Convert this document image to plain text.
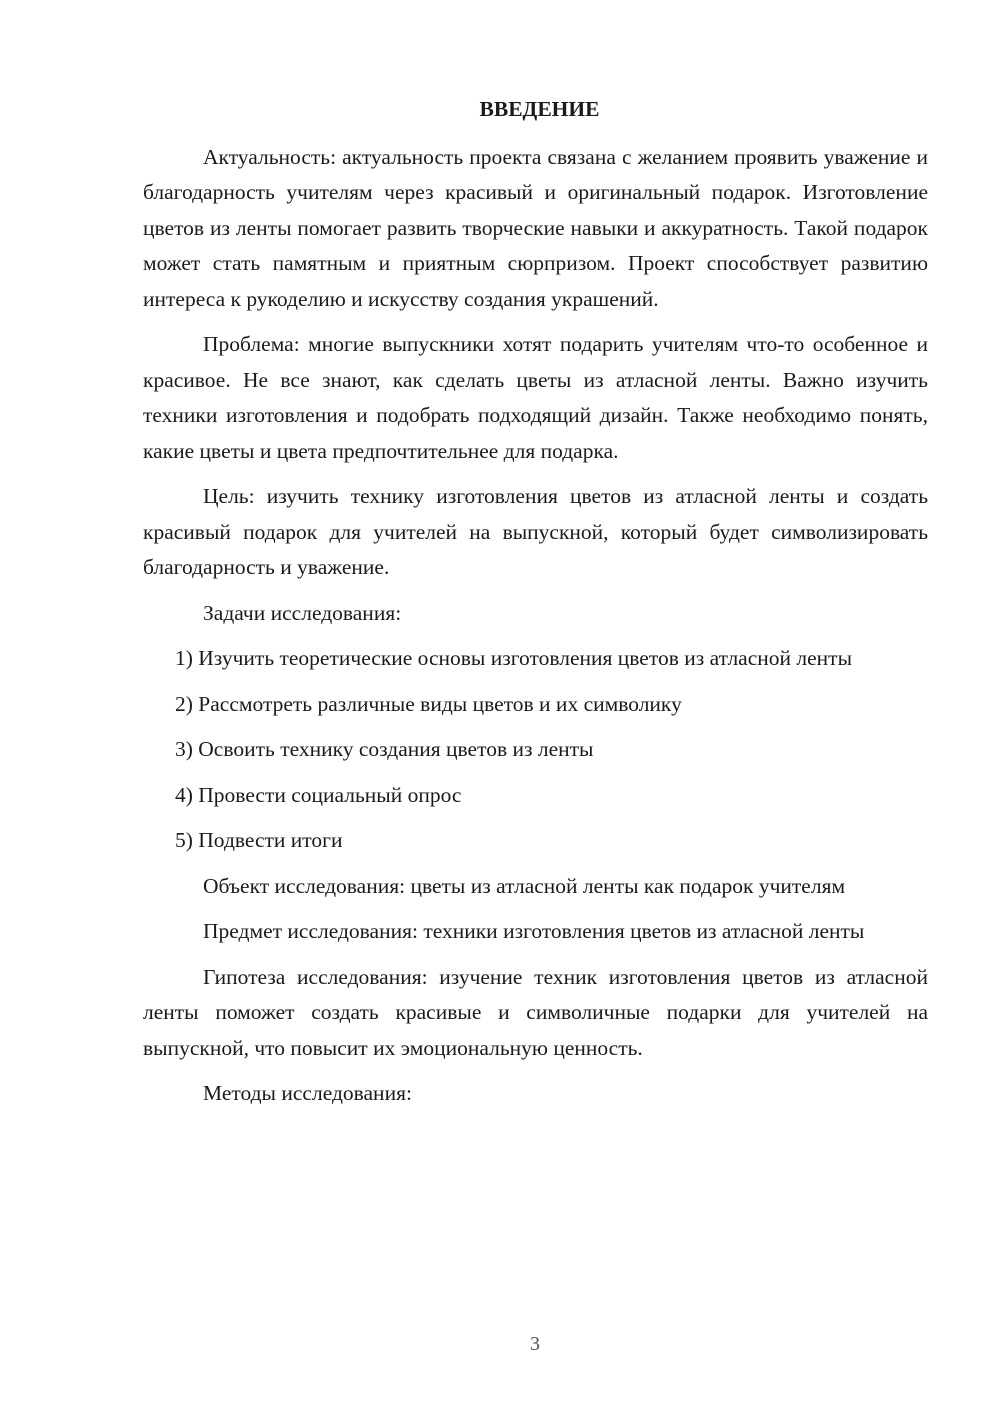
ВВЕДЕНИЕ

Актуальность: актуальность проекта связана с желанием проявить уважение и благодарность учителям через красивый и оригинальный подарок. Изготовление цветов из ленты помогает развить творческие навыки и аккуратность. Такой подарок может стать памятным и приятным сюрпризом. Проект способствует развитию интереса к рукоделию и искусству создания украшений.

Проблема: многие выпускники хотят подарить учителям что-то особенное и красивое. Не все знают, как сделать цветы из атласной ленты. Важно изучить техники изготовления и подобрать подходящий дизайн. Также необходимо понять, какие цветы и цвета предпочтительнее для подарка.

Цель: изучить технику изготовления цветов из атласной ленты и создать красивый подарок для учителей на выпускной, который будет символизировать благодарность и уважение.

Задачи исследования:

1) Изучить теоретические основы изготовления цветов из атласной ленты

2) Рассмотреть различные виды цветов и их символику

3) Освоить технику создания цветов из ленты

4) Провести социальный опрос

5) Подвести итоги

Объект исследования: цветы из атласной ленты как подарок учителям

Предмет исследования: техники изготовления цветов из атласной ленты

Гипотеза исследования: изучение техник изготовления цветов из атласной ленты поможет создать красивые и символичные подарки для учителей на выпускной, что повысит их эмоциональную ценность.

Методы исследования:

3
